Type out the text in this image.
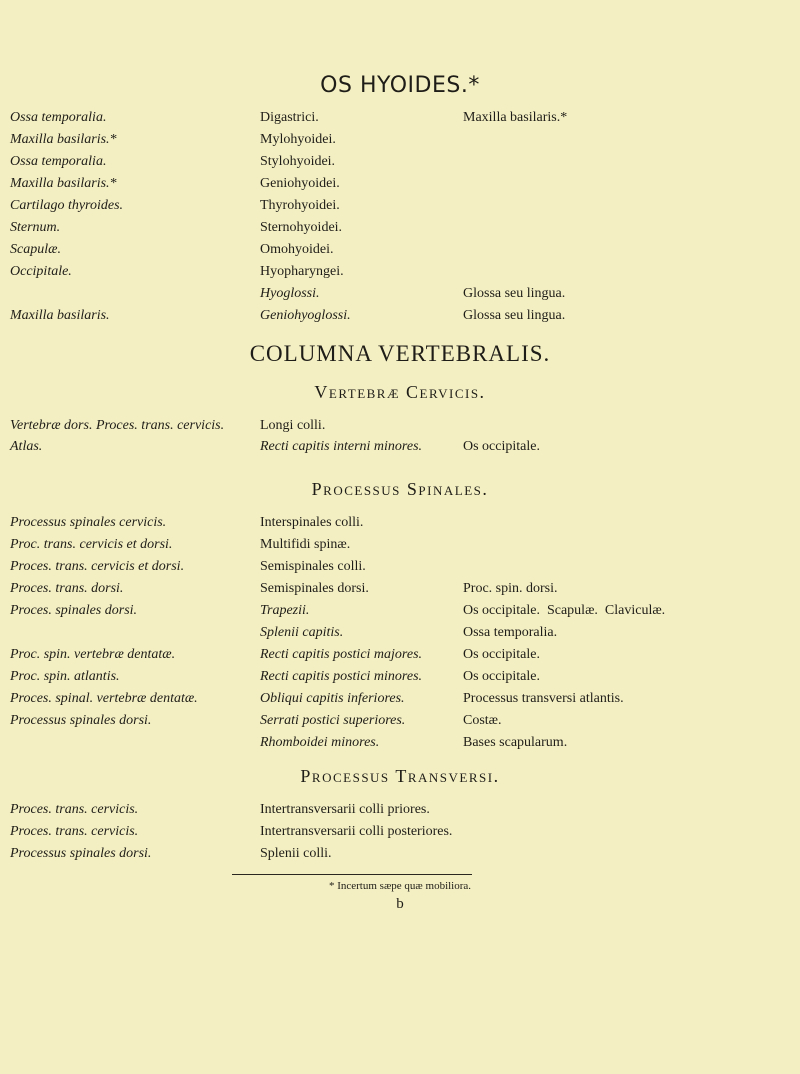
OS HYOIDES.*
Ossa temporalia.
Maxilla basilaris.*
Ossa temporalia.
Maxilla basilaris.*
Cartilago thyroides.
Sternum.
Scapulæ.
Occipitale.
Maxilla basilaris.
Digastrici.
Mylohyoidei.
Stylohyoidei.
Geniohyoidei.
Thyrohyoidei.
Sternohyoidei.
Omohyoidei.
Hyopharyngei.
Hyoglossi.
Geniohyoglossi.
Maxilla basilaris.*
Glossa seu lingua.
Glossa seu lingua.
COLUMNA VERTEBRALIS.
Vertebræ Cervicis.
Vertebræ dors. Proces. trans. cervicis.
Atlas.
Longi colli.
Recti capitis interni minores.	Os occipitale.
Processus Spinales.
Processus spinales cervicis.
Proc. trans. cervicis et dorsi.
Proces. trans. cervicis et dorsi.
Proces. trans. dorsi.
Proces. spinales dorsi.
Proc. spin. vertebræ dentatæ.
Proc. spin. atlantis.
Proces. spinal. vertebræ dentatæ.
Processus spinales dorsi.
Interspinales colli.
Multifidi spinæ.
Semispinales colli.
Semispinales dorsi.
Trapezii.
Splenii capitis.
Recti capitis postici majores.
Recti capitis postici minores.
Obliqui capitis inferiores.
Serrati postici superiores.
Rhomboidei minores.
Proc. spin. dorsi.
Os occipitale.  Scapulæ.  Claviculæ.
Ossa temporalia.
Os occipitale.
Os occipitale.
Processus transversi atlantis.
Costæ.
Bases scapularum.
Processus Transversi.
Proces. trans. cervicis.
Proces. trans. cervicis.
Processus spinales dorsi.
Intertransversarii colli priores.
Intertransversarii colli posteriores.
Splenii colli.
* Incertum sæpe quæ mobiliora.
b
